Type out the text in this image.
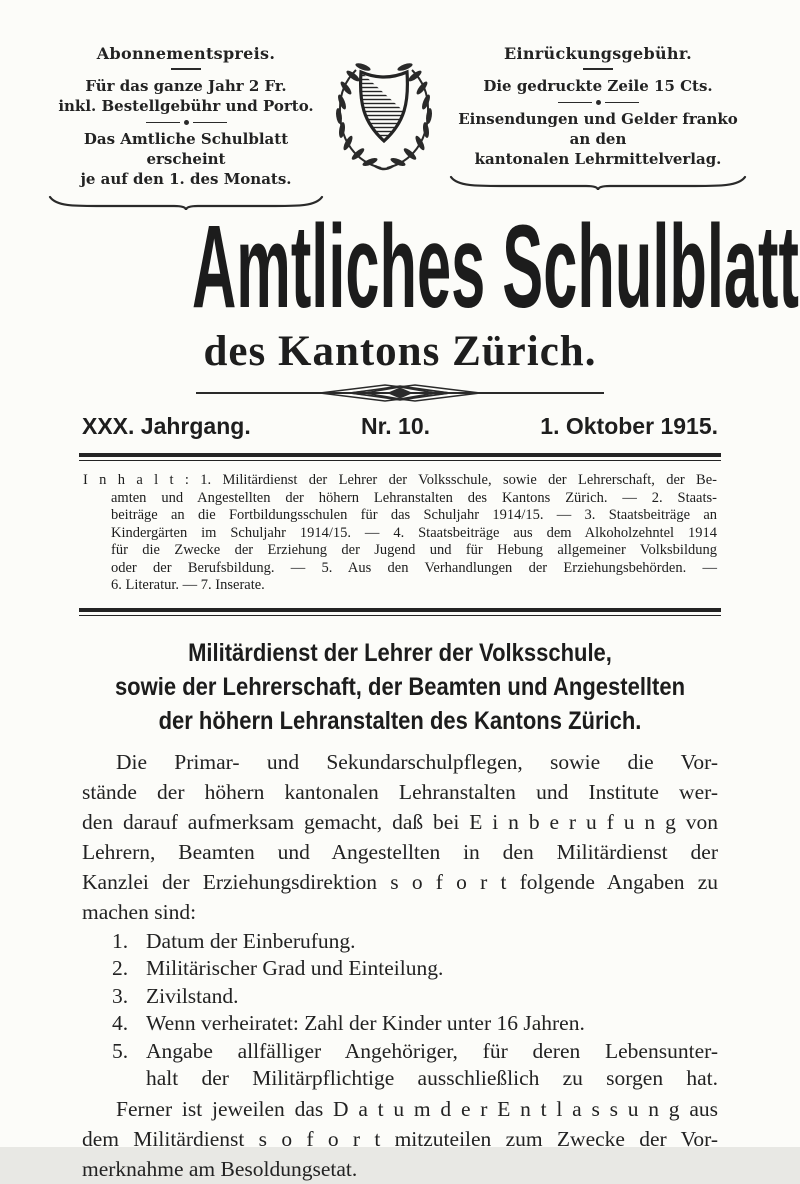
Abonnementspreis.
Für das ganze Jahr 2 Fr.
inkl. Bestellgebühr und Porto.
Das Amtliche Schulblatt erscheint
je auf den 1. des Monats.
Einrückungsgebühr.
Die gedruckte Zeile 15 Cts.
Einsendungen und Gelder franko
an den
kantonalen Lehrmittelverlag.
Amtliches Schulblatt
des Kantons Zürich.
XXX. Jahrgang.	Nr. 10.	1. Oktober 1915.
I n h a l t : 1. Militärdienst der Lehrer der Volksschule, sowie der Lehrerschaft, der Be-
amten und Angestellten der höhern Lehranstalten des Kantons Zürich. — 2. Staats-
beiträge an die Fortbildungsschulen für das Schuljahr 1914/15. — 3. Staatsbeiträge an
Kindergärten im Schuljahr 1914/15. — 4. Staatsbeiträge aus dem Alkoholzehntel 1914
für die Zwecke der Erziehung der Jugend und für Hebung allgemeiner Volksbildung
oder der Berufsbildung. — 5. Aus den Verhandlungen der Erziehungsbehörden. —
6. Literatur. — 7. Inserate.
Militärdienst der Lehrer der Volksschule,
sowie der Lehrerschaft, der Beamten und Angestellten
der höhern Lehranstalten des Kantons Zürich.
Die Primar- und Sekundarschulpflegen, sowie die Vor-
stände der höhern kantonalen Lehranstalten und Institute wer-
den darauf aufmerksam gemacht, daß bei E i n b e r u f u n g von
Lehrern, Beamten und Angestellten in den Militärdienst der
Kanzlei der Erziehungsdirektion s o f o r t folgende Angaben zu
machen sind:
1. Datum der Einberufung.
2. Militärischer Grad und Einteilung.
3. Zivilstand.
4. Wenn verheiratet: Zahl der Kinder unter 16 Jahren.
5. Angabe allfälliger Angehöriger, für deren Lebensunter-
halt der Militärpflichtige ausschließlich zu sorgen hat.
Ferner ist jeweilen das D a t u m d e r E n t l a s s u n g aus
dem Militärdienst s o f o r t mitzuteilen zum Zwecke der Vor-
merknahme am Besoldungsetat.
